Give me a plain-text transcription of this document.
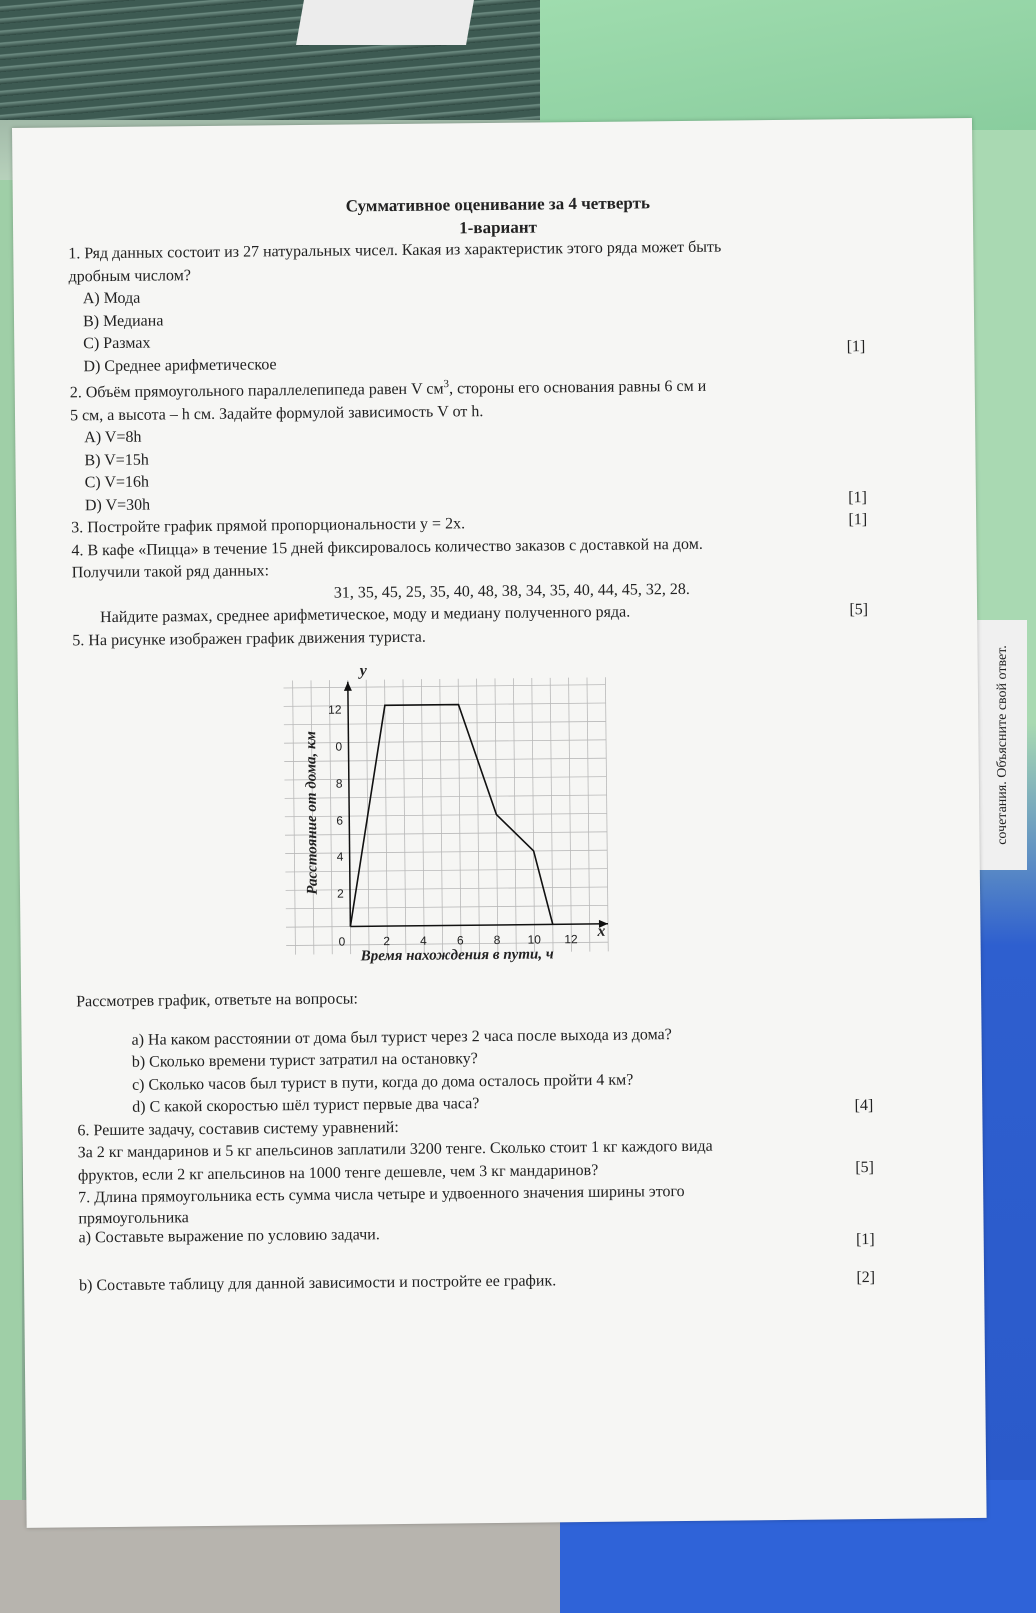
сочетания. Объясните свой ответ.
Суммативное оценивание за 4 четверть
1-вариант

1. Ряд данных состоит из 27 натуральных чисел. Какая из характеристик этого ряда может быть

дробным числом?

A) Мода

B) Медиана

C) Размах

D) Среднее арифметическое
[1]

2. Объём прямоугольного параллелепипеда равен V $см^3$, стороны его основания равны 6 см и

5 см, а высота – h см. Задайте формулой зависимость V от h.

A) V=8h

B) V=15h

C) V=16h

D) V=30h	[1]
3. Постройте график прямой пропорциональности y = 2x.	[1]

4. В кафе «Пицца» в течение 15 дней фиксировалось количество заказов с доставкой на дом.

Получили такой ряд данных:

31, 35, 45, 25, 35, 40, 48, 38, 34, 35, 40, 44, 45, 32, 28.

Найдите размах, среднее арифметическое, моду и медиану полученного ряда.	[5]

5. На рисунке изображен график движения туриста.

Расстояние от дома, км
Время нахождения в пути, ч
y
x
0	2 4 6 8 10 12
2
4
6
8
0
12

Рассмотрев график, ответьте на вопросы:

a) На каком расстоянии от дома был турист через 2 часа после выхода из дома?

b) Сколько времени турист затратил на остановку?

c) Сколько часов был турист в пути, когда до дома осталось пройти 4 км?

d) С какой скоростью шёл турист первые два часа?	[4]

6. Решите задачу, составив систему уравнений:

За 2 кг мандаринов и 5 кг апельсинов заплатили 3200 тенге. Сколько стоит 1 кг каждого вида

фруктов, если 2 кг апельсинов на 1000 тенге дешевле, чем 3 кг мандаринов?	[5]

7. Длина прямоугольника есть сумма числа четыре и удвоенного значения ширины этого

прямоугольника

a) Составьте выражение по условию задачи.	[1]
b) Составьте таблицу для данной зависимости и постройте ее график.	[2]
